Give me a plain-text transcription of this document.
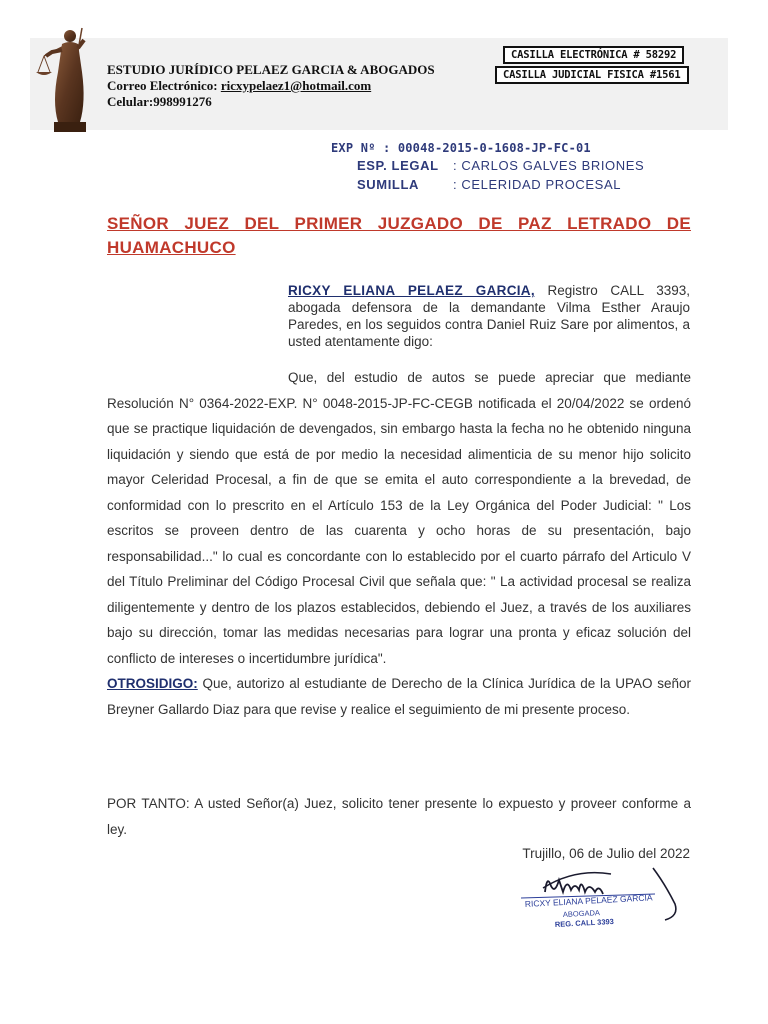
ESTUDIO JURÍDICO PELAEZ GARCIA & ABOGADOS
Correo Electrónico: ricxypelaez1@hotmail.com
Celular:998991276
CASILLA ELECTRÓNICA # 58292
CASILLA JUDICIAL FISICA #1561
EXP Nº : 00048-2015-0-1608-JP-FC-01
ESP. LEGAL : CARLOS GALVES BRIONES
SUMILLA	: CELERIDAD PROCESAL
SEÑOR JUEZ DEL PRIMER JUZGADO DE PAZ LETRADO DE HUAMACHUCO
RICXY ELIANA PELAEZ GARCIA, Registro CALL 3393, abogada defensora de la demandante Vilma Esther Araujo Paredes, en los seguidos contra Daniel Ruiz Sare por alimentos, a usted atentamente digo:

Que, del estudio de autos se puede apreciar que mediante Resolución N° 0364-2022-EXP. N° 0048-2015-JP-FC-CEGB notificada el 20/04/2022 se ordenó que se practique liquidación de devengados, sin embargo hasta la fecha no he obtenido ninguna liquidación y siendo que está de por medio la necesidad alimenticia de su menor hijo solicito mayor Celeridad Procesal, a fin de que se emita el auto correspondiente a la brevedad, de conformidad con lo prescrito en el Artículo 153 de la Ley Orgánica del Poder Judicial: " Los escritos se proveen dentro de las cuarenta y ocho horas de su presentación, bajo responsabilidad..." lo cual es concordante con lo establecido por el cuarto párrafo del Articulo V del Título Preliminar del Código Procesal Civil que señala que: " La actividad procesal se realiza diligentemente y dentro de los plazos establecidos, debiendo el Juez, a través de los auxiliares bajo su dirección, tomar las medidas necesarias para lograr una pronta y eficaz solución del conflicto de intereses o incertidumbre jurídica".

OTROSIDIGO: Que, autorizo al estudiante de Derecho de la Clínica Jurídica de la UPAO señor Breyner Gallardo Diaz para que revise y realice el seguimiento de mi presente proceso.

POR TANTO: A usted Señor(a) Juez, solicito tener presente lo expuesto y proveer conforme a ley.
Trujillo, 06 de Julio del 2022
RICXY ELIANA PELAEZ GARCIA
ABOGADA
REG. CALL 3393
